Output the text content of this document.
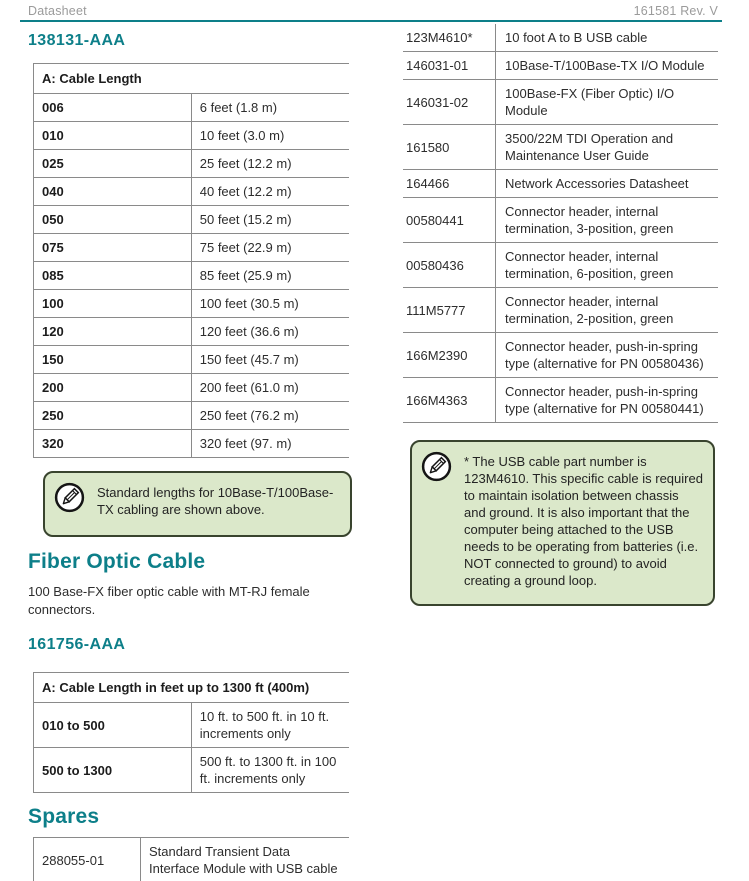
Datasheet	161581 Rev. V
138131-AAA
A: Cable Length	
006	6 feet (1.8 m)
010	10 feet (3.0 m)
025	25 feet (12.2 m)
040	40 feet (12.2 m)
050	50 feet (15.2 m)
075	75 feet (22.9 m)
085	85 feet (25.9 m)
100	100 feet (30.5 m)
120	120 feet (36.6 m)
150	150 feet (45.7 m)
200	200 feet (61.0 m)
250	250 feet (76.2 m)
320	320 feet (97. m)
Standard lengths for 10Base-T/100Base-TX cabling are shown above.
Fiber Optic Cable

100 Base-FX fiber optic cable with MT-RJ female connectors.

161756-AAA
A: Cable Length in feet up to 1300 ft (400m)	
010 to 500	10 ft. to 500 ft. in 10 ft. increments only
500 to 1300	500 ft. to 1300 ft. in 100 ft. increments only
Spares
288055-01	Standard Transient Data Interface Module with USB cable
123M4610*	10 foot A to B USB cable
146031-01	10Base-T/100Base-TX I/O Module
146031-02	100Base-FX (Fiber Optic) I/O Module
161580	3500/22M TDI Operation and Maintenance User Guide
164466	Network Accessories Datasheet
00580441	Connector header, internal termination, 3-position, green
00580436	Connector header, internal termination, 6-position, green
111M5777	Connector header, internal termination, 2-position, green
166M2390	Connector header, push-in-spring type (alternative for PN 00580436)
166M4363	Connector header, push-in-spring type (alternative for PN 00580441)
* The USB cable part number is 123M4610. This specific cable is required to maintain isolation between chassis and ground. It is also important that the computer being attached to the USB needs to be operating from batteries (i.e. NOT connected to ground) to avoid creating a ground loop.
